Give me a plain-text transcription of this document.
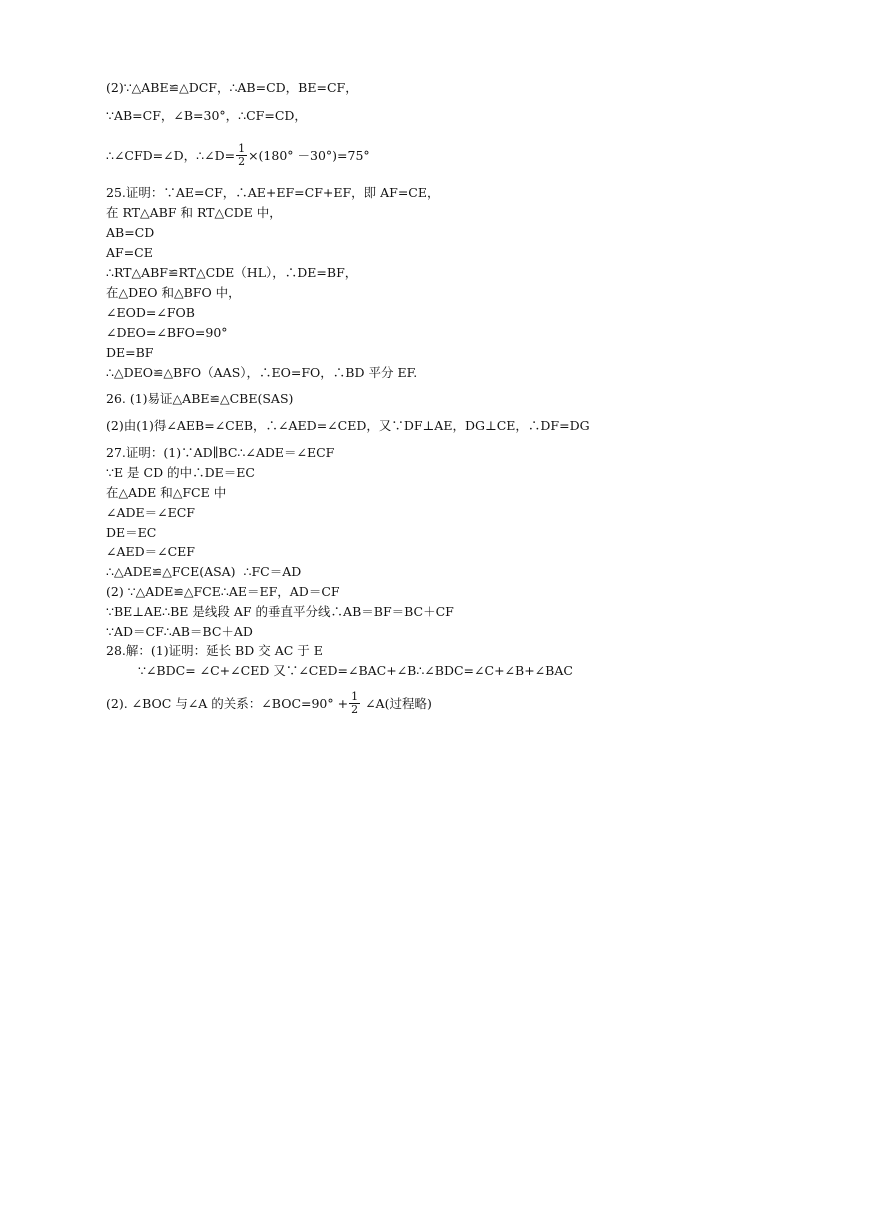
(2)∵△ABE≌△DCF，∴AB=CD，BE=CF，
∵AB=CF，∠B=30°，∴CF=CD，
∴∠CFD=∠D，∴∠D= $\frac{1}{2} \times(180^\circ -30^\circ)=75^\circ$
25.证明：∵AE=CF，∴AE+EF=CF+EF，即 AF=CE，
在 RT△ABF 和 RT△CDE 中，
AB=CD
AF=CE
∴RT△ABF≌RT△CDE（HL），∴DE=BF，
在△DEO 和△BFO 中，
∠EOD=∠FOB
∠DEO=∠BFO=90°
DE=BF
∴△DEO≌△BFO（AAS），∴EO=FO，∴BD 平分 EF.
26. (1)易证△ABE≌△CBE(SAS)
(2)由(1)得∠AEB=∠CEB，∴∠AED=∠CED，又∵DF⊥AE，DG⊥CE，∴DF=DG
27.证明：(1)∵AD∥BC∴∠ADE＝∠ECF
∵E 是 CD 的中∴DE＝EC
在△ADE 和△FCE 中
∠ADE＝∠ECF
DE＝EC
∠AED＝∠CEF
∴△ADE≌△FCE(ASA)  ∴FC＝AD
(2) ∵△ADE≌△FCE∴AE＝EF，AD＝CF
∵BE⊥AE∴BE 是线段 AF 的垂直平分线∴AB＝BF＝BC＋CF
∵AD＝CF∴AB＝BC＋AD
28.解：(1)证明：延长 BD 交 AC 于 E
∵∠BDC= ∠C+∠CED 又∵∠CED=∠BAC+∠B∴∠BDC=∠C+∠B+∠BAC
(2). ∠BOC 与∠A 的关系：∠BOC=90° + $\frac{1}{2}$ ∠A(过程略)
